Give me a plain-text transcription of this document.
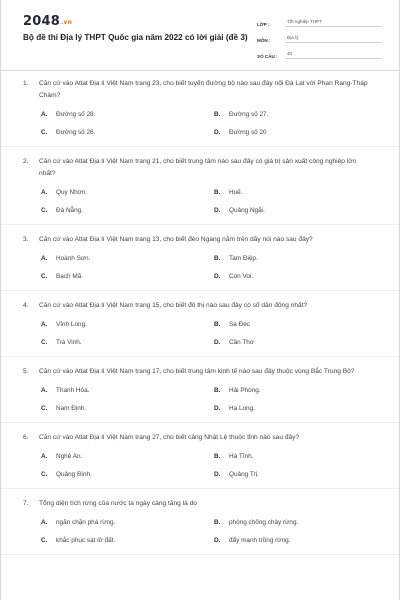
2048.vn
Bộ đề thi Địa lý THPT Quốc gia năm 2022 có lời giải (đề 3)
LỚP :
Tốt nghiệp THPT
MÔN :
Địa lý
SỐ CÂU :
40
1.	Căn cứ vào Atlat Địa lí Việt Nam trang 23, cho biết tuyến đường bộ nào sau đây nối Đà Lạt với Phan Rang-Tháp Chàm?
A.	Đường số 28.	B.	Đường số 27.
C.	Đường số 26.	D.	Đường số 20
2.	Căn cứ vào Atlat Địa lí Việt Nam trang 21, cho biết trung tâm nào sau đây có giá trị sản xuất công nghiệp lớn nhất?
A.	Quy Nhơn.	B.	Huế.
C.	Đà Nẵng.	D.	Quảng Ngãi.
3.	Căn cứ vào Atlat Địa lí Việt Nam trang 13, cho biết đèo Ngang nằm trên dãy núi nào sau đây?
A.	Hoành Sơn.	B.	Tam Điệp.
C.	Bạch Mã.	D.	Con Voi.
4.	Căn cứ vào Atlat Địa lí Việt Nam trang 15, cho biết đô thị nào sau đây có số dân đông nhất?
A.	Vĩnh Long.	B.	Sa Đéc
C.	Trà Vinh.	D.	Cần Thơ
5.	Căn cứ vào Atlat Địa lí Việt Nam trang 17, cho biết trung tâm kinh tế nào sau đây thuộc vùng Bắc Trung Bộ?
A.	Thanh Hóa.	B.	Hải Phòng.
C.	Nam Định.	D.	Hạ Long.
6.	Căn cứ vào Atlat Địa lí Việt Nam trang 27, cho biết cảng Nhật Lệ thuộc tỉnh nào sau đây?
A.	Nghệ An.	B.	Hà Tĩnh.
C.	Quảng Bình.	D.	Quảng Trị.
7.	Tổng diện tích rừng của nước ta ngày càng tăng là do
A.	ngăn chặn phá rừng.	B.	phòng chống cháy rừng.
C.	khắc phục sạt lở đất.	D.	đẩy mạnh trồng rừng.
